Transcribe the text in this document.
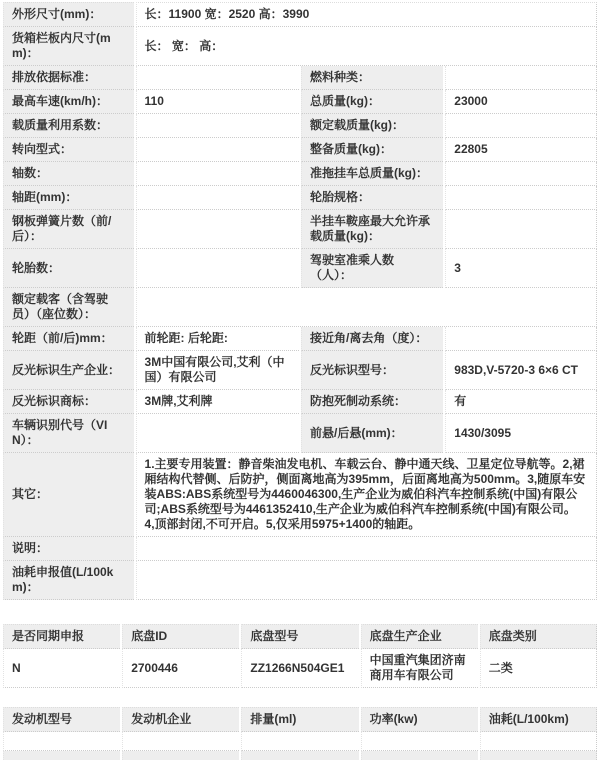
外形尺寸(mm)：	长：11900 宽：2520 高：3990		
货箱栏板内尺寸(mm)：	长： 宽： 高：		
排放依据标准：		燃料种类：	
最高车速(km/h)：	110	总质量(kg)：	23000
载质量利用系数：		额定载质量(kg)：	
转向型式：		整备质量(kg)：	22805
轴数：		准拖挂车总质量(kg)：	
轴距(mm)：		轮胎规格：	
钢板弹簧片数（前/后）：		半挂车鞍座最大允许承载质量(kg)：	
轮胎数：		驾驶室准乘人数（人）：	3
额定载客（含驾驶员）（座位数）：			
轮距（前/后)mm：	前轮距: 后轮距:	接近角/离去角（度）：	
反光标识生产企业：	3M中国有限公司,艾利（中国）有限公司	反光标识型号：	983D,V-5720-3 6×6 CT
反光标识商标：	3M牌,艾利牌	防抱死制动系统：	有
车辆识别代号（VIN）：		前悬/后悬(mm)：	1430/3095
其它：	1.主要专用装置：静音柴油发电机、车载云台、静中通天线、卫星定位导航等。2,裙厢结构代替侧、后防护，侧面离地高为395mm，后面离地高为500mm。3,随原车安装ABS:ABS系统型号为4460046300,生产企业为威伯科汽车控制系统(中国)有限公司;ABS系统型号为4461352410,生产企业为威伯科汽车控制系统(中国)有限公司。 4,顶部封闭,不可开启。5,仅采用5975+1400的轴距。		
说明：			
油耗申报值(L/100km)：			
是否同期申报	底盘ID	底盘型号	底盘生产企业	底盘类别
N	2700446	ZZ1266N504GE1	中国重汽集团济南商用车有限公司	二类
发动机型号	发动机企业	排量(ml)	功率(kw)	油耗(L/100km)
